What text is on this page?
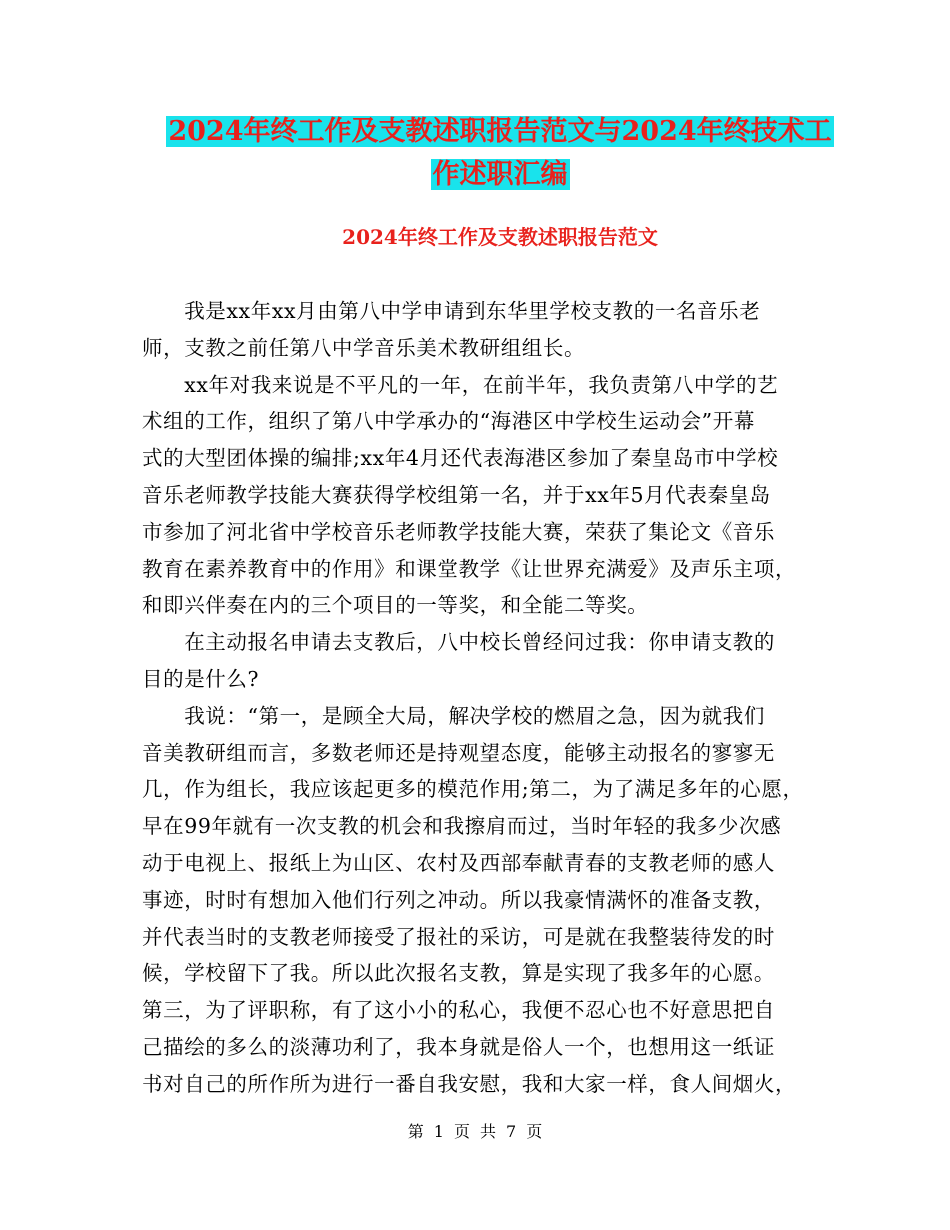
2024年终工作及支教述职报告范文与2024年终技术工
作述职汇编
2024年终工作及支教述职报告范文
　　我是xx年xx月由第八中学申请到东华里学校支教的一名音乐老
师，支教之前任第八中学音乐美术教研组组长。
　　xx年对我来说是不平凡的一年，在前半年，我负责第八中学的艺
术组的工作，组织了第八中学承办的“海港区中学校生运动会”开幕
式的大型团体操的编排;xx年4月还代表海港区参加了秦皇岛市中学校
音乐老师教学技能大赛获得学校组第一名，并于xx年5月代表秦皇岛
市参加了河北省中学校音乐老师教学技能大赛，荣获了集论文《音乐
教育在素养教育中的作用》和课堂教学《让世界充满爱》及声乐主项，
和即兴伴奏在内的三个项目的一等奖，和全能二等奖。
　　在主动报名申请去支教后，八中校长曾经问过我：你申请支教的
目的是什么?
　　我说：“第一，是顾全大局，解决学校的燃眉之急，因为就我们
音美教研组而言，多数老师还是持观望态度，能够主动报名的寥寥无
几，作为组长，我应该起更多的模范作用;第二，为了满足多年的心愿，
早在99年就有一次支教的机会和我擦肩而过，当时年轻的我多少次感
动于电视上、报纸上为山区、农村及西部奉献青春的支教老师的感人
事迹，时时有想加入他们行列之冲动。所以我豪情满怀的准备支教，
并代表当时的支教老师接受了报社的采访，可是就在我整装待发的时
候，学校留下了我。所以此次报名支教，算是实现了我多年的心愿。
第三，为了评职称，有了这小小的私心，我便不忍心也不好意思把自
己描绘的多么的淡薄功利了，我本身就是俗人一个，也想用这一纸证
书对自己的所作所为进行一番自我安慰，我和大家一样，食人间烟火，
第 1 页 共 7 页
